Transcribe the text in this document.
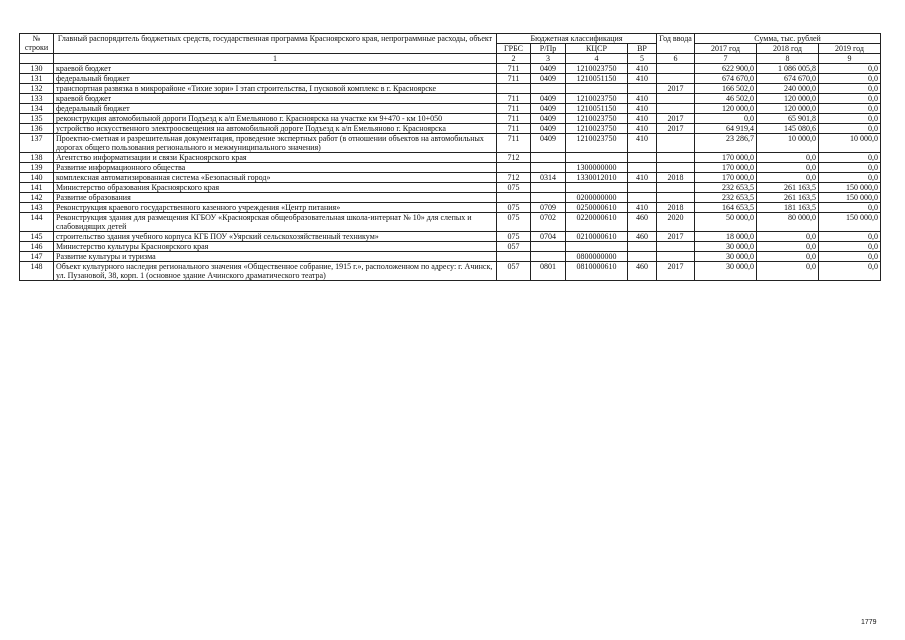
№ строки	Главный распорядитель бюджетных средств, государственная программа Красноярского края, непрограммные расходы, объект	Бюджетная классификация				Год ввода	Сумма, тыс. рублей		
		ГРБС	Р/Пр	КЦСР	ВР		2017 год	2018 год	2019 год
	1	2	3	4	5	6	7	8	9
130	краевой бюджет	711	0409	1210023750	410		622 900,0	1 086 005,8	0,0
131	федеральный бюджет	711	0409	1210051150	410		674 670,0	674 670,0	0,0
132	транспортная развязка в микрорайоне «Тихие зори» I этап строительства, I пусковой комплекс в г. Красноярске					2017	166 502,0	240 000,0	0,0
133	краевой бюджет	711	0409	1210023750	410		46 502,0	120 000,0	0,0
134	федеральный бюджет	711	0409	1210051150	410		120 000,0	120 000,0	0,0
135	реконструкция автомобильной дороги Подъезд к а/п Емельяново г. Красноярска на участке км 9+470 - км 10+050	711	0409	1210023750	410	2017	0,0	65 901,8	0,0
136	устройство искусственного электроосвещения на автомобильной дороге Подъезд к а/п Емельяново г. Красноярска	711	0409	1210023750	410	2017	64 919,4	145 080,6	0,0
137	Проектно-сметная и разрешительная документация, проведение экспертных работ (в отношении объектов на автомобильных дорогах общего пользования регионального и межмуниципального значения)	711	0409	1210023750	410		23 286,7	10 000,0	10 000,0
138	Агентство информатизации и связи Красноярского края	712					170 000,0	0,0	0,0
139	Развитие информационного общества			1300000000			170 000,0	0,0	0,0
140	комплексная автоматизированная система «Безопасный город»	712	0314	1330012010	410	2018	170 000,0	0,0	0,0
141	Министерство образования Красноярского края	075					232 653,5	261 163,5	150 000,0
142	Развитие образования			0200000000			232 653,5	261 163,5	150 000,0
143	Реконструкция краевого государственного казенного учреждения «Центр питания»	075	0709	0250000610	410	2018	164 653,5	181 163,5	0,0
144	Реконструкция здания для размещения КГБОУ «Красноярская общеобразовательная школа-интернат № 10» для слепых и слабовидящих детей	075	0702	0220000610	460	2020	50 000,0	80 000,0	150 000,0
145	строительство здания учебного корпуса КГБ ПОУ «Уярский сельскохозяйственный техникум»	075	0704	0210000610	460	2017	18 000,0	0,0	0,0
146	Министерство культуры Красноярского края	057					30 000,0	0,0	0,0
147	Развитие культуры и туризма			0800000000			30 000,0	0,0	0,0
148	Объект культурного наследия регионального значения «Общественное собрание, 1915 г.», расположенном по адресу: г. Ачинск, ул. Пузановой, 38, корп. 1 (основное здание Ачинского драматического театра)	057	0801	0810000610	460	2017	30 000,0	0,0	0,0
1779
